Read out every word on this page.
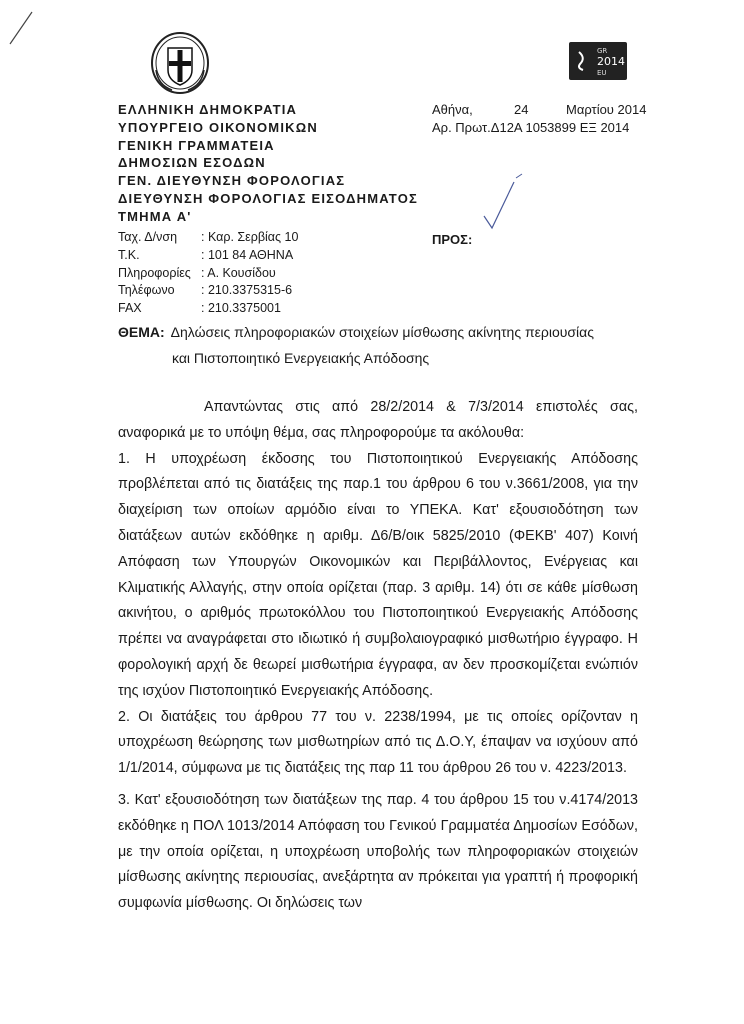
GR
2014
EU
ΕΛΛΗΝΙΚΗ ΔΗΜΟΚΡΑΤΙΑ
ΥΠΟΥΡΓΕΙΟ ΟΙΚΟΝΟΜΙΚΩΝ
ΓΕΝΙΚΗ ΓΡΑΜΜΑΤΕΙΑ
ΔΗΜΟΣΙΩΝ ΕΣΟΔΩΝ
ΓΕΝ. ΔΙΕΥΘΥΝΣΗ ΦΟΡΟΛΟΓΙΑΣ
ΔΙΕΥΘΥΝΣΗ ΦΟΡΟΛΟΓΙΑΣ ΕΙΣΟΔΗΜΑΤΟΣ
ΤΜΗΜΑ Α'
Ταχ. Δ/νση	: Καρ. Σερβίας 10
Τ.Κ.	: 101 84 ΑΘΗΝΑ
Πληροφορίες : Α. Κουσίδου
Τηλέφωνο	: 210.3375315-6
FAX	: 210.3375001
Αθήνα,	24	Μαρτίου 2014
Αρ. Πρωτ.Δ12Α 1053899 ΕΞ 2014
ΠΡΟΣ:
ΘΕΜΑ: Δηλώσεις πληροφοριακών στοιχείων μίσθωσης ακίνητης περιουσίας
και Πιστοποιητικό Ενεργειακής Απόδοσης

Απαντώντας στις από 28/2/2014 & 7/3/2014 επιστολές σας, αναφορικά με το υπόψη θέμα, σας πληροφορούμε τα ακόλουθα:

1. Η υποχρέωση έκδοσης του Πιστοποιητικού Ενεργειακής Απόδοσης προβλέπεται από τις διατάξεις της παρ.1 του άρθρου 6 του ν.3661/2008, για την διαχείριση των οποίων αρμόδιο είναι το ΥΠΕΚΑ. Κατ' εξουσιοδότηση των διατάξεων αυτών εκδόθηκε η αριθμ. Δ6/Β/οικ 5825/2010 (ΦΕΚΒ' 407) Κοινή Απόφαση των Υπουργών Οικονομικών και Περιβάλλοντος, Ενέργειας και Κλιματικής Αλλαγής, στην οποία ορίζεται (παρ. 3 αριθμ. 14) ότι σε κάθε μίσθωση ακινήτου, ο αριθμός πρωτοκόλλου του Πιστοποιητικού Ενεργειακής Απόδοσης πρέπει να αναγράφεται στο ιδιωτικό ή συμβολαιογραφικό μισθωτήριο έγγραφο. Η φορολογική αρχή δε θεωρεί μισθωτήρια έγγραφα, αν δεν προσκομίζεται ενώπιόν της ισχύον Πιστοποιητικό Ενεργειακής Απόδοσης.

2. Οι διατάξεις του άρθρου 77 του ν. 2238/1994, με τις οποίες ορίζονταν η υποχρέωση θεώρησης των μισθωτηρίων από τις Δ.Ο.Υ, έπαψαν να ισχύουν από 1/1/2014, σύμφωνα με τις διατάξεις της παρ 11 του άρθρου 26 του ν. 4223/2013.

3. Κατ' εξουσιοδότηση των διατάξεων της παρ. 4 του άρθρου 15 του ν.4174/2013 εκδόθηκε η ΠΟΛ 1013/2014 Απόφαση του Γενικού Γραμματέα Δημοσίων Εσόδων, με την οποία ορίζεται, η υποχρέωση υποβολής των πληροφοριακών στοιχειών μίσθωσης ακίνητης περιουσίας, ανεξάρτητα αν πρόκειται για γραπτή ή προφορική συμφωνία μίσθωσης. Οι δηλώσεις των
